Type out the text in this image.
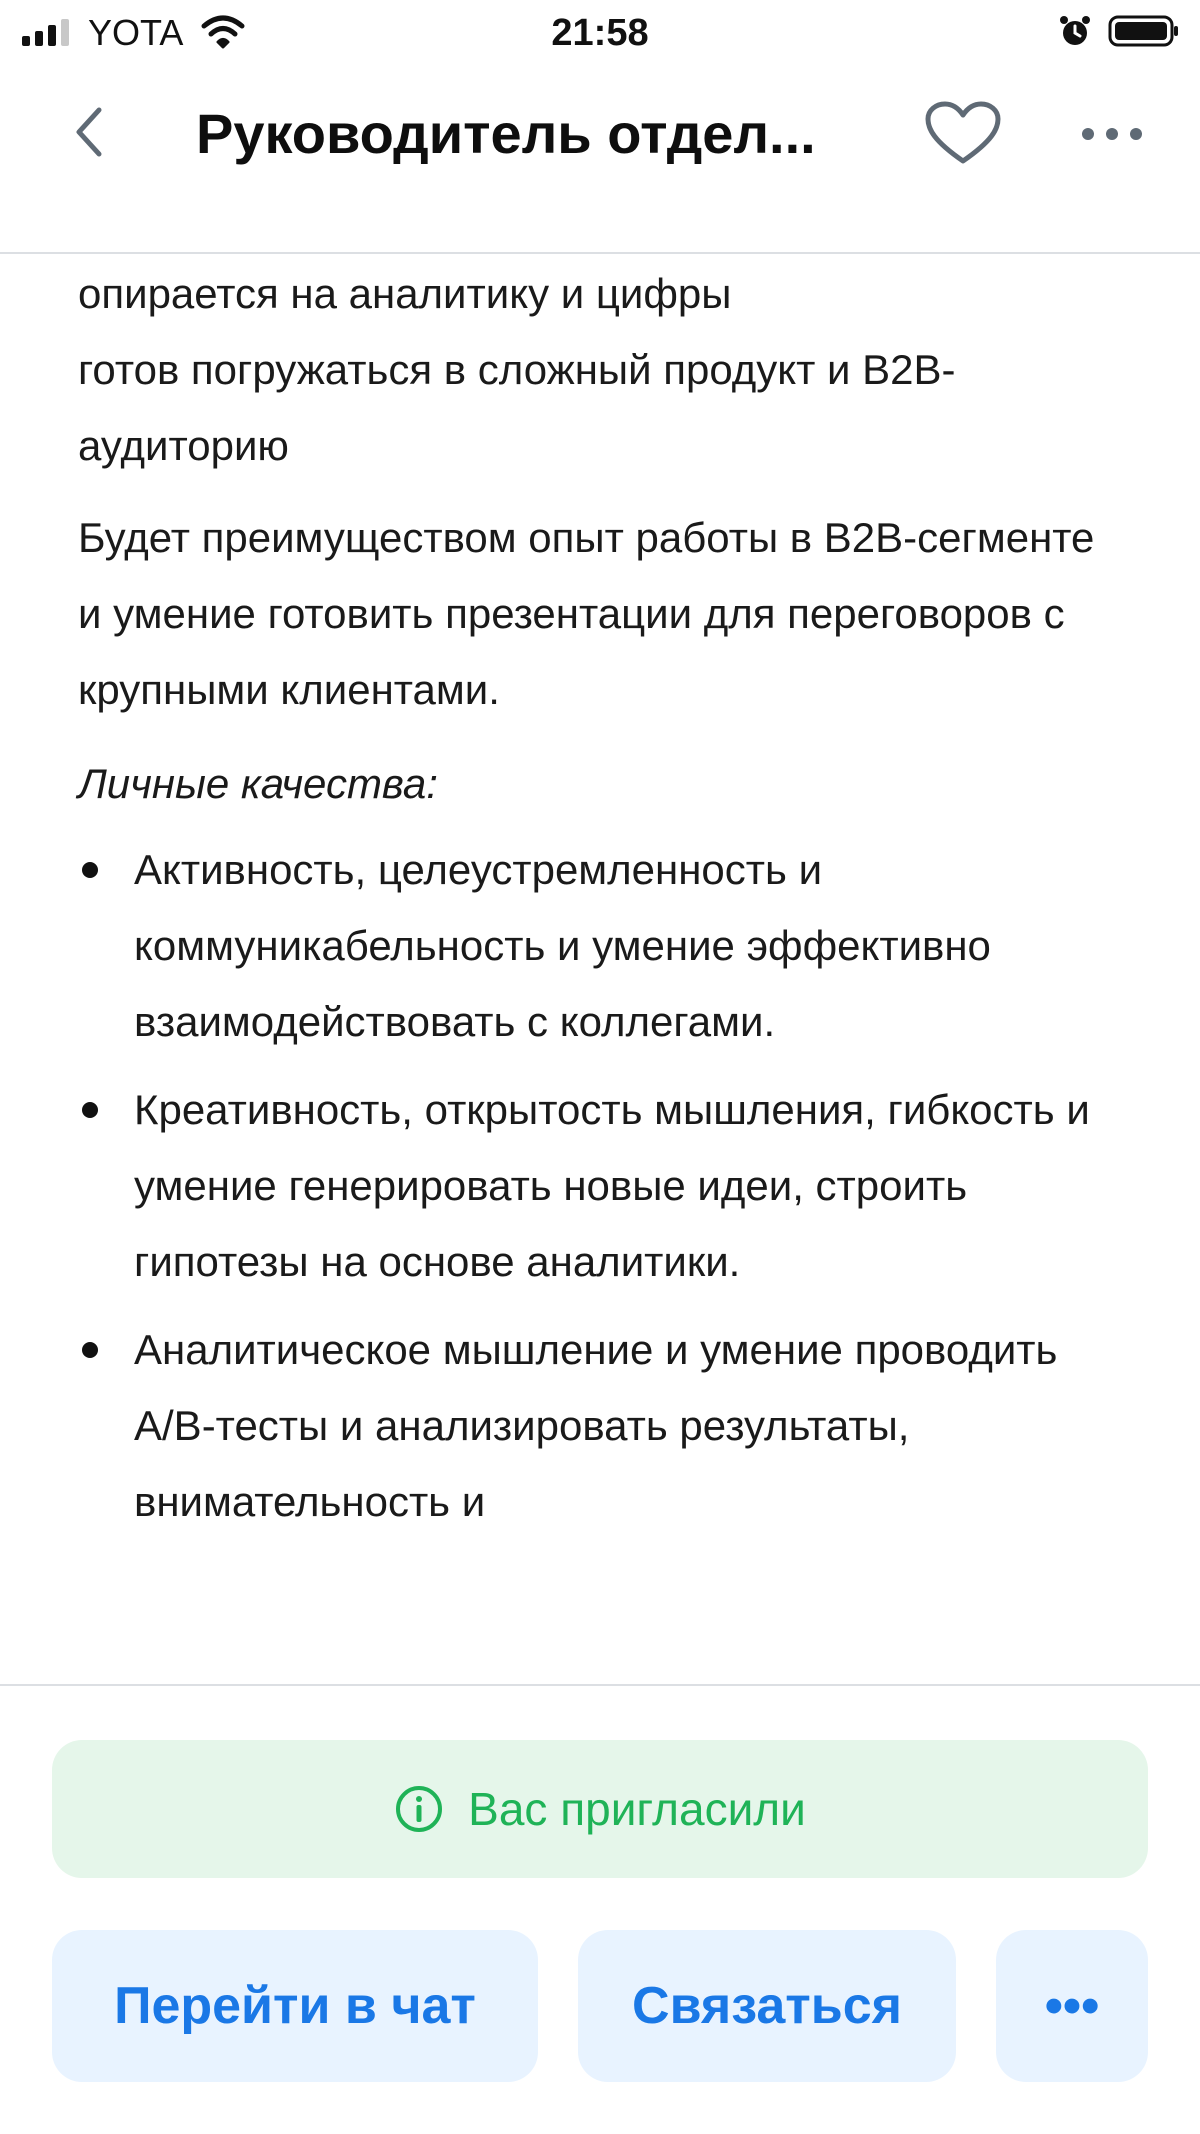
YOTA	21:58
Руководитель отдел...

опирается на аналитику и цифры

готов погружаться в сложный продукт и B2B-

аудиторию

Будет преимуществом опыт работы в B2B-сегменте и умение готовить презентации для переговоров с крупными клиентами.

Личные качества:

Активность, целеустремленность и коммуникабельность и умение эффективно взаимодействовать с коллегами.
Креативность, открытость мышления, гибкость и умение генерировать новые идеи, строить гипотезы на основе аналитики.
Аналитическое мышление и умение проводить A/B-тесты и анализировать результаты, внимательность и
Вас пригласили
Перейти в чат	Связаться	•••
